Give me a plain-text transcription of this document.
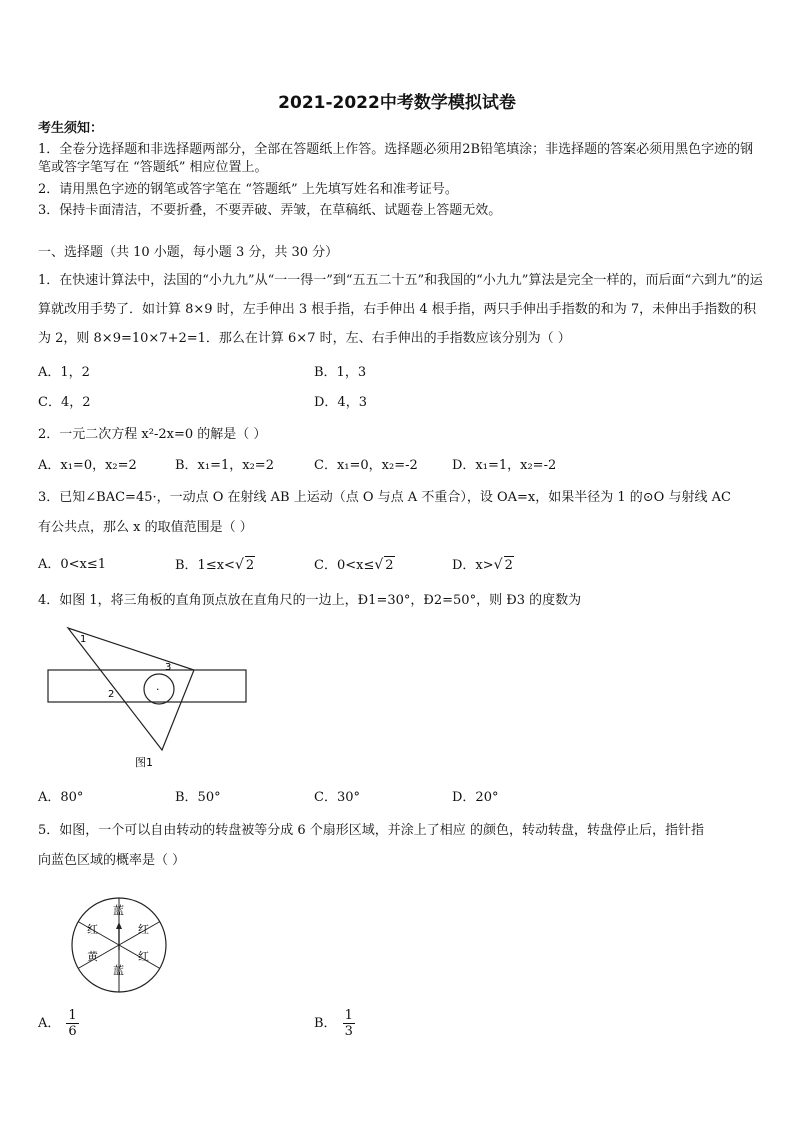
2021-2022中考数学模拟试卷
考生须知：
1．全卷分选择题和非选择题两部分，全部在答题纸上作答。选择题必须用2B铅笔填涂；非选择题的答案必须用黑色字迹的钢笔或答字笔写在 “答题纸” 相应位置上。
2．请用黑色字迹的钢笔或答字笔在 “答题纸” 上先填写姓名和准考证号。
3．保持卡面清洁，不要折叠，不要弄破、弄皱，在草稿纸、试题卷上答题无效。
一、选择题（共 10 小题，每小题 3 分，共 30 分）
1．在快速计算法中，法国的“小九九”从“一一得一”到“五五二十五”和我国的“小九九”算法是完全一样的，而后面“六到九”的运算就改用手势了．如计算 8×9 时，左手伸出 3 根手指，右手伸出 4 根手指，两只手伸出手指数的和为 7，未伸出手指数的积为 2，则 8×9=10×7+2=1．那么在计算 6×7 时，左、右手伸出的手指数应该分别为（ ）
A．1，2	B．1，3
C．4，2	D．4，3
2．一元二次方程 x²-2x=0 的解是（ ）
A．x₁=0，x₂=2	B．x₁=1，x₂=2	C．x₁=0，x₂=-2	D．x₁=1，x₂=-2
3．已知∠BAC=45·，一动点 O 在射线 AB 上运动（点 O 与点 A 不重合），设 OA=x，如果半径为 1 的⊙O 与射线 AC
有公共点，那么 x 的取值范围是（ ）
A．0<x≤1	B．1≤x<√ 2	C．0<x≤√ 2	D．x>√ 2
4．如图 1，将三角板的直角顶点放在直角尺的一边上，Ð1=30°，Ð2=50°，则 Ð3 的度数为
1
2
3
·
图1
A．80°	B．50°	C．30°	D．20°
5．如图，一个可以自由转动的转盘被等分成 6 个扇形区域，并涂上了相应 的颜色，转动转盘，转盘停止后，指针指
向蓝色区域的概率是（ ）
蓝
红	红
黄	红
蓝
A． $\frac{1}{6}$	B． $\frac{1}{3}$
